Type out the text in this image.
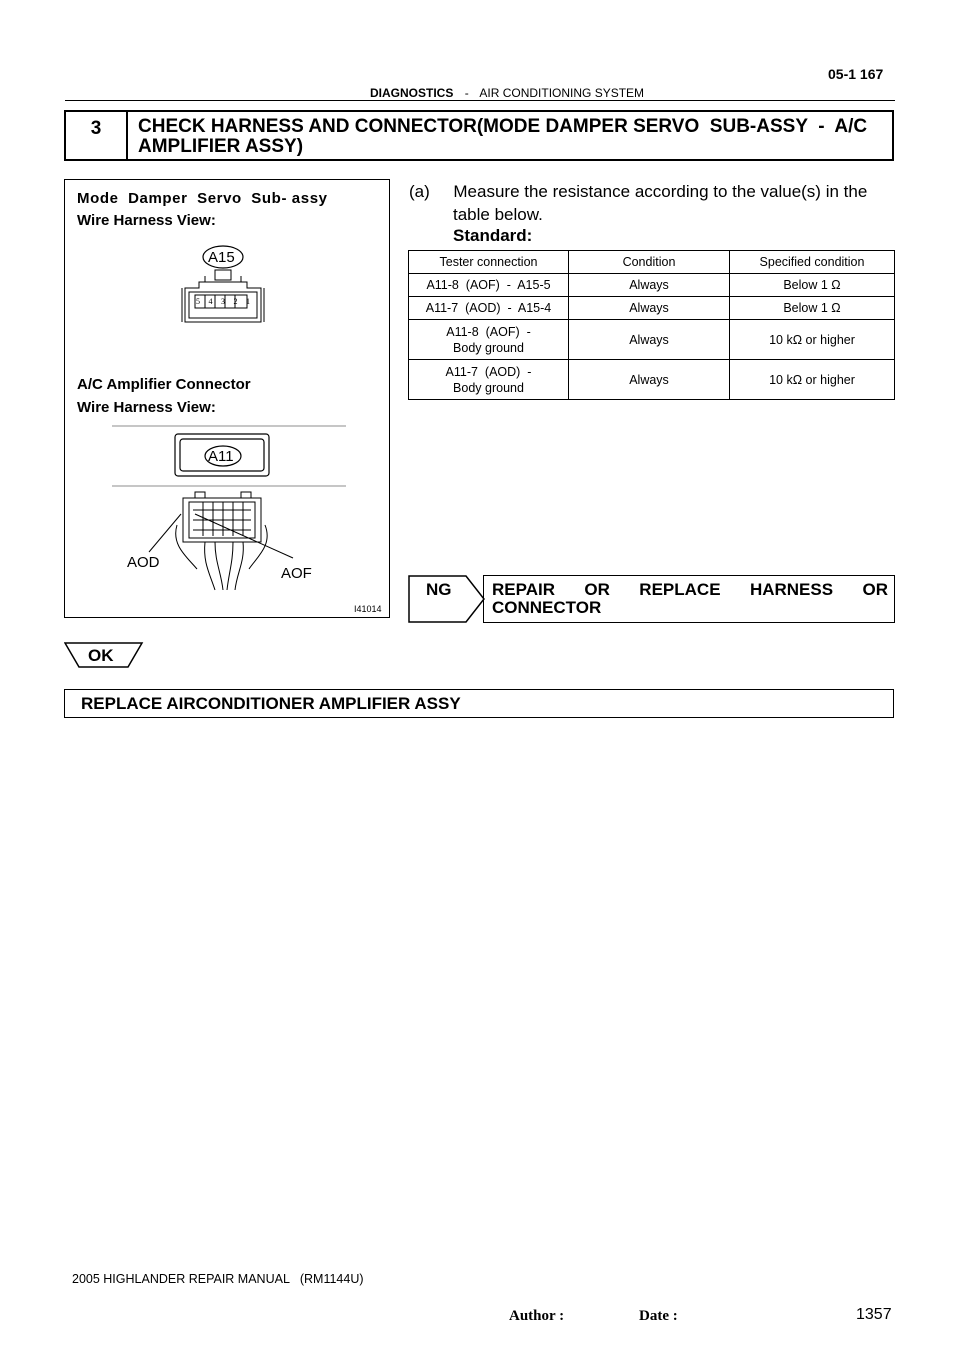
05-1 167
DIAGNOSTICS - AIR CONDITIONING SYSTEM
3	CHECK HARNESS AND CONNECTOR(MODE DAMPER SERVO  SUB-ASSY  -  A/C
AMPLIFIER ASSY)
Mode  Damper  Servo  Sub- assy
Wire Harness View:
A15
5 4 3 2 1
A/C Amplifier Connector
Wire Harness View:
A11
AOD
AOF
I41014
(a)     Measure the resistance according to the value(s) in the
table below.
Standard:
Tester connection	Condition	Specified condition
A11-8  (AOF)  -  A15-5	Always	Below 1 Ω
A11-7  (AOD)  -  A15-4	Always	Below 1 Ω

A11-8  (AOF)  -
Body ground	Always	10 kΩ or higher

A11-7  (AOD)  -
Body ground	Always	10 kΩ or higher
NG REPAIR    OR    REPLACE    HARNESS    OR
CONNECTOR
OK
REPLACE AIRCONDITIONER AMPLIFIER ASSY
2005 HIGHLANDER REPAIR MANUAL   (RM1144U)
Author :	Date :	1357
